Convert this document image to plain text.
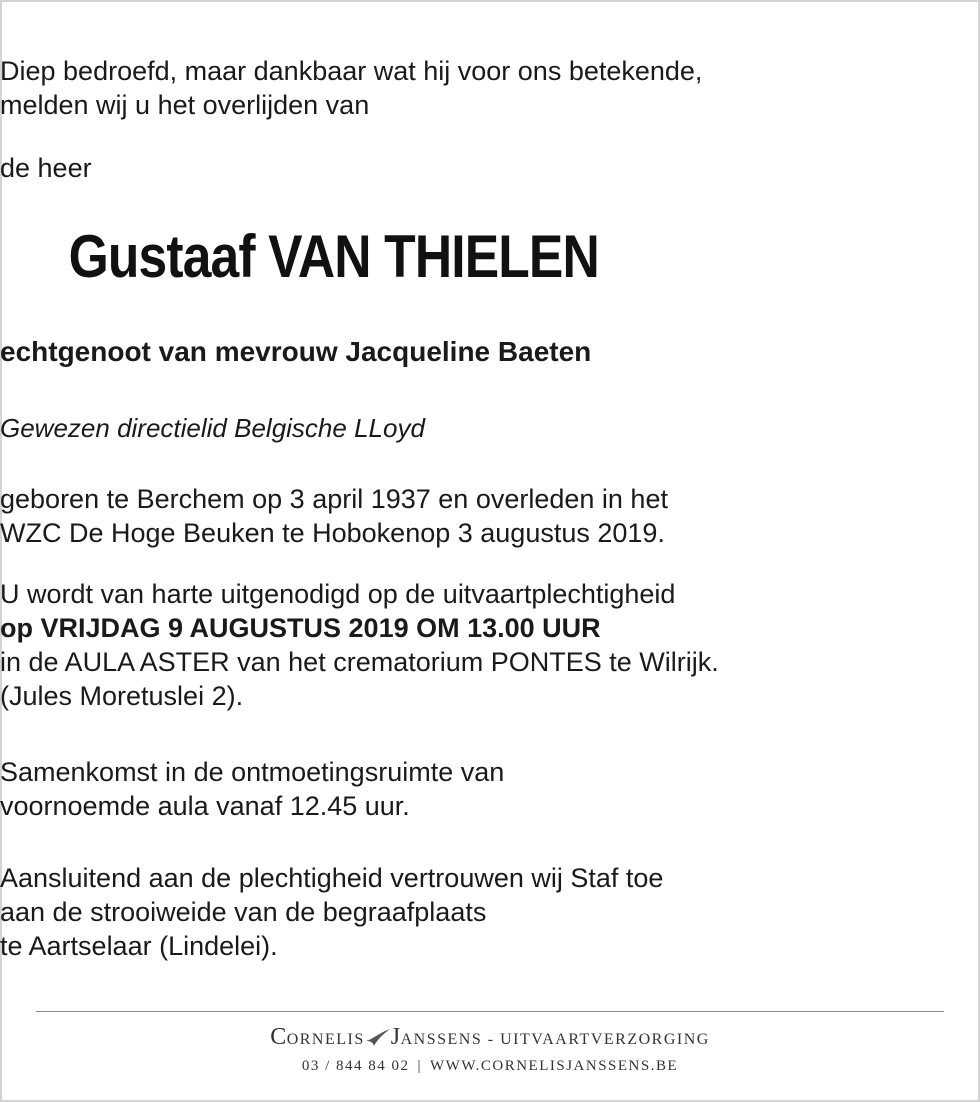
Diep bedroefd, maar dankbaar wat hij voor ons betekende,
melden wij u het overlijden van
de heer
Gustaaf VAN THIELEN
echtgenoot van mevrouw Jacqueline Baeten
Gewezen directielid Belgische LLoyd
geboren te Berchem op 3 april 1937 en overleden in het
WZC De Hoge Beuken te Hobokenop 3 augustus 2019.
U wordt van harte uitgenodigd op de uitvaartplechtigheid
op VRIJDAG 9 AUGUSTUS 2019 OM 13.00 UUR
in de AULA ASTER van het crematorium PONTES te Wilrijk.
(Jules Moretuslei 2).
Samenkomst in de ontmoetingsruimte van
voornoemde aula vanaf 12.45 uur.
Aansluitend aan de plechtigheid vertrouwen wij Staf toe
aan de strooiweide van de begraafplaats
te Aartselaar (Lindelei).
CORNELIS JANSSENS - UITVAARTVERZORGING
03 / 844 84 02 | WWW.CORNELISJANSSENS.BE
